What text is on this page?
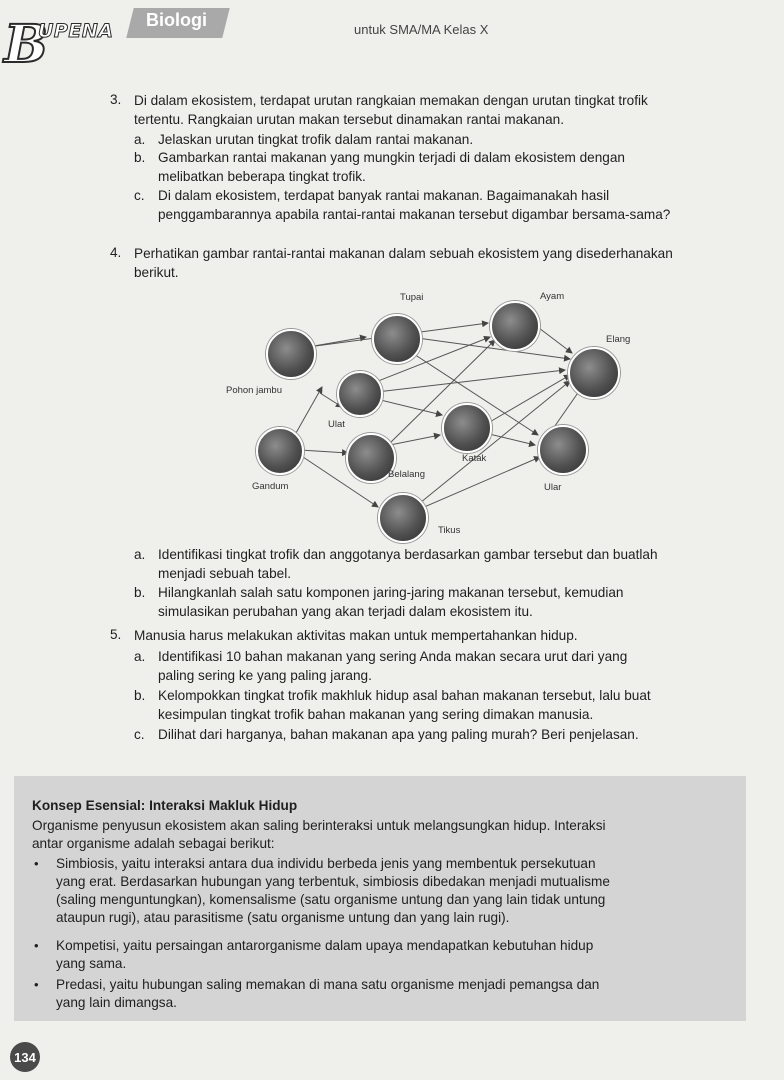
B
UPENA Biologi	untuk SMA/MA Kelas X
3. Di dalam ekosistem, terdapat urutan rangkaian memakan dengan urutan tingkat trofik
tertentu. Rangkaian urutan makan tersebut dinamakan rantai makanan.
a. Jelaskan urutan tingkat trofik dalam rantai makanan.
b. Gambarkan rantai makanan yang mungkin terjadi di dalam ekosistem dengan
melibatkan beberapa tingkat trofik.
c. Di dalam ekosistem, terdapat banyak rantai makanan. Bagaimanakah hasil
penggambarannya apabila rantai-rantai makanan tersebut digambar bersama-sama?
4. Perhatikan gambar rantai-rantai makanan dalam sebuah ekosistem yang disederhanakan
berikut.
Tupai	Ayam
Elang
Pohon jambu
Ulat
Katak
Gandum
Belalang
Ular
Tikus
a. Identifikasi tingkat trofik dan anggotanya berdasarkan gambar tersebut dan buatlah
menjadi sebuah tabel.
b. Hilangkanlah salah satu komponen jaring-jaring makanan tersebut, kemudian
simulasikan perubahan yang akan terjadi dalam ekosistem itu.
5. Manusia harus melakukan aktivitas makan untuk mempertahankan hidup.
a. Identifikasi 10 bahan makanan yang sering Anda makan secara urut dari yang
paling sering ke yang paling jarang.
b. Kelompokkan tingkat trofik makhluk hidup asal bahan makanan tersebut, lalu buat
kesimpulan tingkat trofik bahan makanan yang sering dimakan manusia.
c. Dilihat dari harganya, bahan makanan apa yang paling murah? Beri penjelasan.
Konsep Esensial: Interaksi Makluk Hidup
Organisme penyusun ekosistem akan saling berinteraksi untuk melangsungkan hidup. Interaksi
antar organisme adalah sebagai berikut:
• Simbiosis, yaitu interaksi antara dua individu berbeda jenis yang membentuk persekutuan
yang erat. Berdasarkan hubungan yang terbentuk, simbiosis dibedakan menjadi mutualisme
(saling menguntungkan), komensalisme (satu organisme untung dan yang lain tidak untung
ataupun rugi), atau parasitisme (satu organisme untung dan yang lain rugi).
• Kompetisi, yaitu persaingan antarorganisme dalam upaya mendapatkan kebutuhan hidup
yang sama.
• Predasi, yaitu hubungan saling memakan di mana satu organisme menjadi pemangsa dan
yang lain dimangsa.
134
